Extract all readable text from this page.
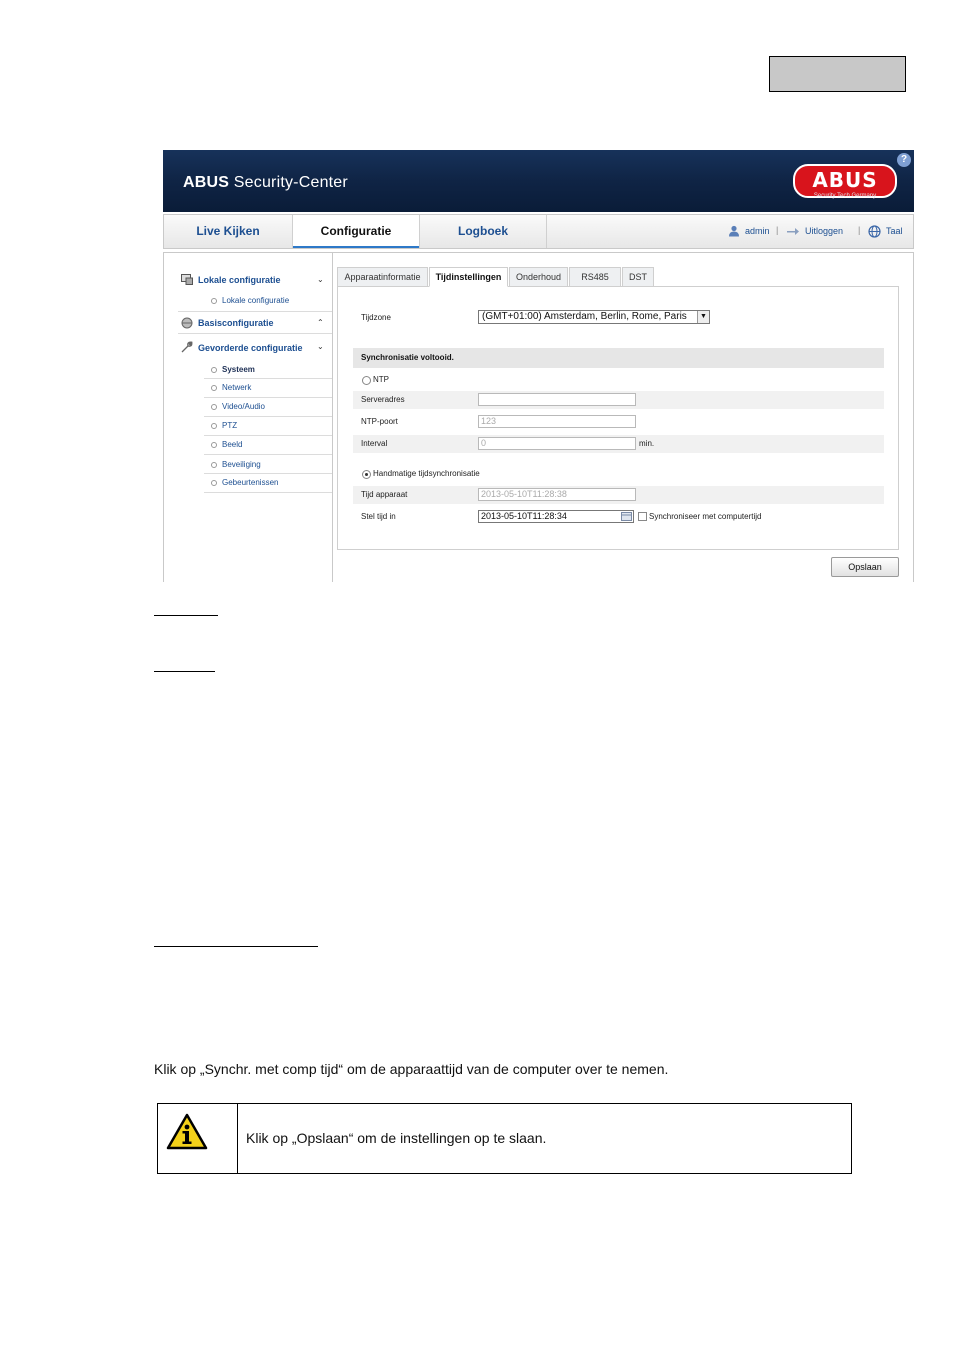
ABUS Security-Center	ABUS
Security Tech Germany
?
Live Kijken	Configuratie	Logboek	admin |	Uitloggen |	Taal
Lokale configuratie	⌄
Lokale configuratie
Basisconfiguratie	⌃
Gevorderde configuratie ⌄
Systeem
Netwerk
Video/Audio
PTZ
Beeld
Beveiliging
Gebeurtenissen
Apparaatinformatie	Tijdinstellingen	Onderhoud	RS485	DST
Tijdzone	(GMT+01:00) Amsterdam, Berlin, Rome, Paris	▼
Synchronisatie voltooid.
NTP
Serveradres
NTP-poort	123
Interval	0	min.
Handmatige tijdsynchronisatie
Tijd apparaat	2013-05-10T11:28:38
Stel tijd in	2013-05-10T11:28:34	Synchroniseer met computertijd
Opslaan
Klik op „Synchr. met comp tijd“ om de apparaattijd van de computer over te nemen.
Klik op „Opslaan“ om de instellingen op te slaan.
